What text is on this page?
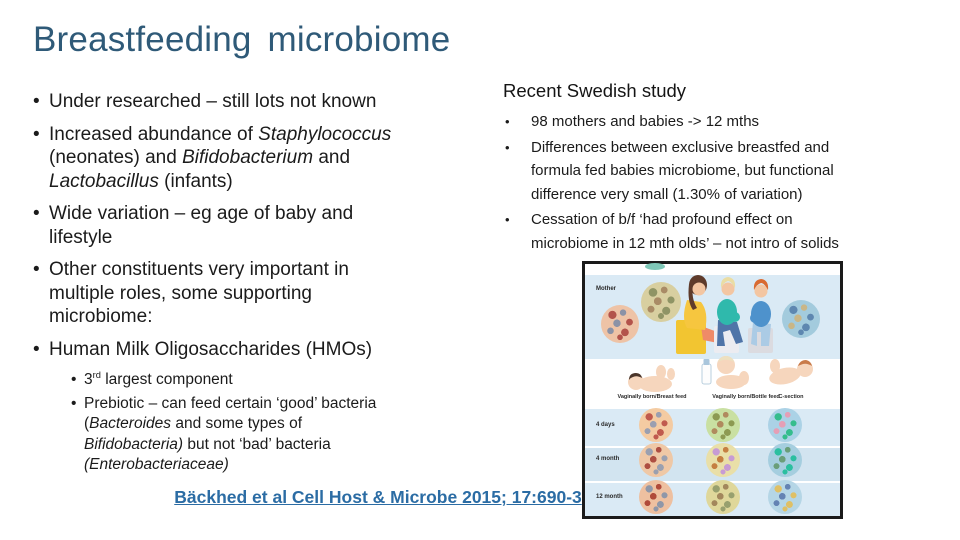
Breastfeeding microbiome
• Under researched – still lots not known
• Increased abundance of Staphylococcus
(neonates) and Bifidobacterium and
Lactobacillus (infants)
• Wide variation – eg age of baby and
lifestyle
• Other constituents very important in
multiple roles, some supporting
microbiome:
• Human Milk Oligosaccharides (HMOs)
• 3rd largest component
• Prebiotic – can feed certain ‘good’ bacteria
(Bacteroides and some types of
Bifidobacteria) but not ‘bad’ bacteria
(Enterobacteriaceae)
Recent Swedish study
• 98 mothers and babies -> 12 mths
• Differences between exclusive breastfed and
formula fed babies microbiome, but functional
difference very small (1.30% of variation)
• Cessation of b/f ‘had profound effect on
microbiome in 12 mth olds’ – not intro of solids
Mother
4 days
4 month
12 month
Vaginally born/Breast feed	Vaginally born/Bottle feed
C-section
Bäckhed et al Cell Host & Microbe 2015; 17:690-3
